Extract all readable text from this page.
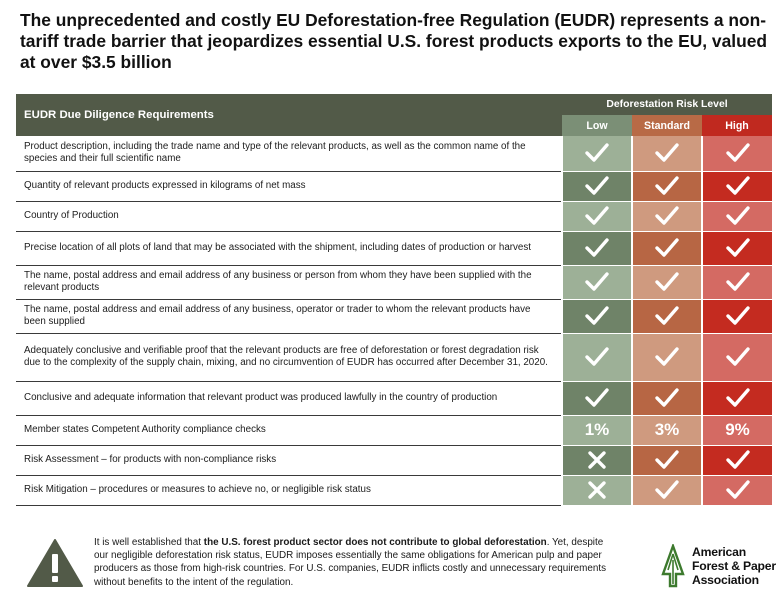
The unprecedented and costly EU Deforestation-free Regulation (EUDR) represents a non-tariff trade barrier that jeopardizes essential U.S. forest products exports to the EU, valued at over $3.5 billion
EUDR Due Diligence Requirements	Deforestation Risk Level		
	Low	Standard	High
Product description, including the trade name and type of the relevant products, as well as the common name of the species and their full scientific name	

Quantity of relevant products expressed in kilograms of net mass	

Country of Production	

Precise location of all plots of land that may be associated with the shipment, including dates of production or harvest	

The name, postal address and email address of any business or person from whom they have been supplied with the relevant products	

The name, postal address and email address of any business, operator or trader to whom the relevant products have been supplied	

Adequately conclusive and verifiable proof that the relevant products are free of deforestation or forest degradation risk due to the complexity of the supply chain, mixing, and no circumvention of EUDR has occurred after December 31, 2020.	

Conclusive and adequate information that relevant product was produced lawfully in the country of production	

Member states Competent Authority compliance checks	1%	3%	9%
Risk Assessment – for products with non-compliance risks	

Risk Mitigation – procedures or measures to achieve no, or negligible risk status	

It is well established that the U.S. forest product sector does not contribute to global deforestation. Yet, despite our negligible deforestation risk status, EUDR imposes essentially the same obligations for American pulp and paper producers as those from high-risk countries. For U.S. companies, EUDR inflicts costly and unnecessary requirements without benefits to the intent of the regulation.
American
Forest & Paper
Association
